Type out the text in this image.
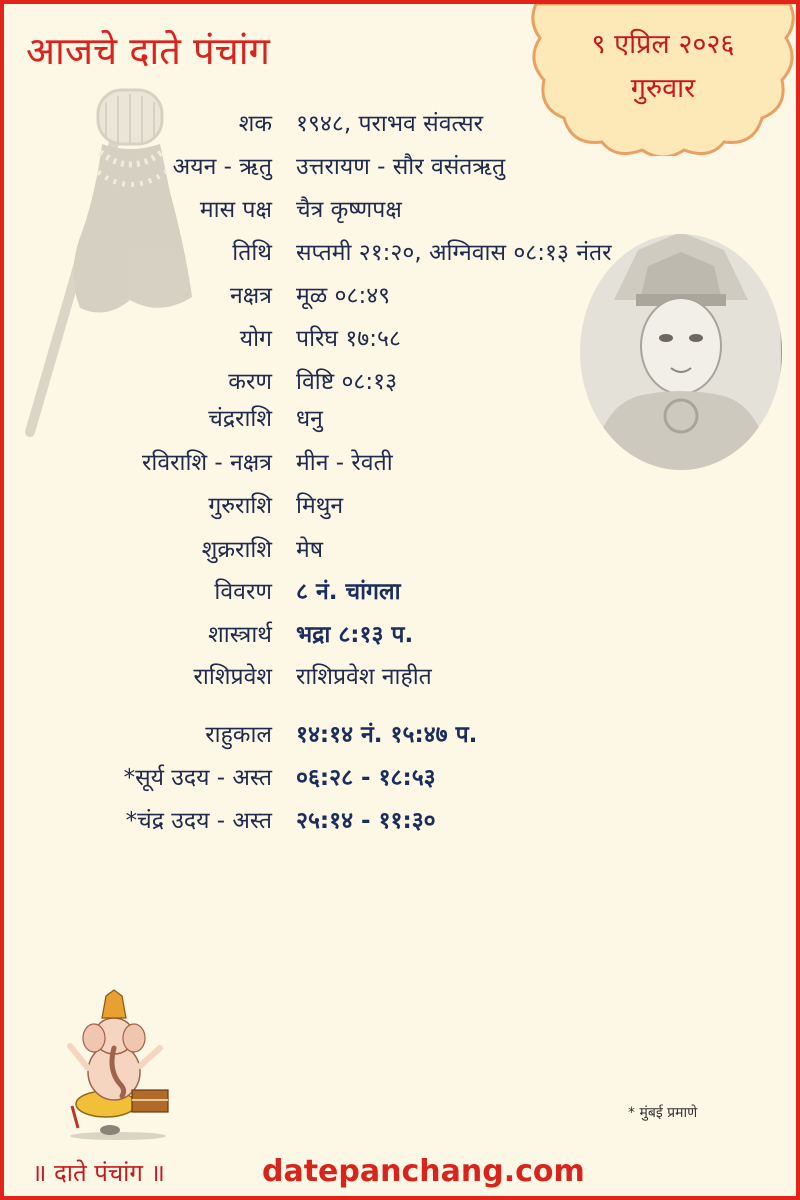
आजचे दाते पंचांग	९ एप्रिल २०२६
गुरुवार
शक १९४८, पराभव संवत्सर
अयन - ऋतु उत्तरायण - सौर वसंतऋतु
मास पक्ष चैत्र कृष्णपक्ष
तिथि सप्तमी २१:२०, अग्निवास ०८:१३ नंतर
नक्षत्र मूळ ०८:४९
योग परिघ १७:५८
करण विष्टि ०८:१३
चंद्रराशि धनु
रविराशि - नक्षत्र मीन - रेवती
गुरुराशि मिथुन
शुक्रराशि मेष
विवरण ८ नं. चांगला
शास्त्रार्थ भद्रा ८:१३ प.
राशिप्रवेश राशिप्रवेश नाहीत
राहुकाल १४:१४ नं. १५:४७ प.
*सूर्य उदय - अस्त ०६:२८ - १८:५३
*चंद्र उदय - अस्त २५:१४ - ११:३०
* मुंबई प्रमाणे
॥ दाते पंचांग ॥	datepanchang.com
